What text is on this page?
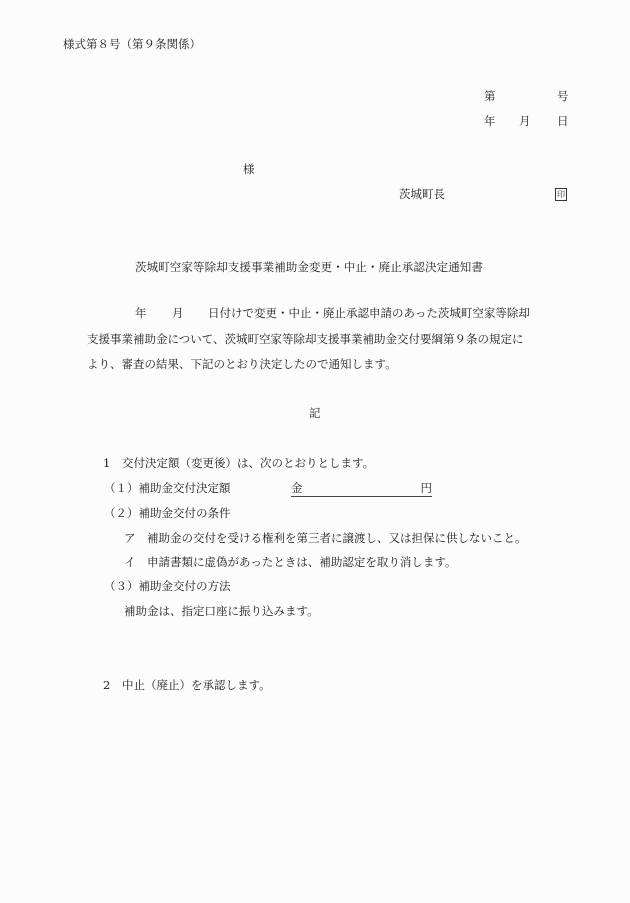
様式第８号（第９条関係）
第	号
年 月 日
様
茨城町長	印
茨城町空家等除却支援事業補助金変更・中止・廃止承認決定通知書
年 月 日付けで変更・中止・廃止承認申請のあった茨城町空家等除却
支援事業補助金について、茨城町空家等除却支援事業補助金交付要綱第９条の規定に
より、審査の結果、下記のとおり決定したので通知します。
記
1 交付決定額（変更後）は、次のとおりとします。
（１）補助金交付決定額	金	円
（２）補助金交付の条件
ア 補助金の交付を受ける権利を第三者に譲渡し、又は担保に供しないこと。
イ 申請書類に虚偽があったときは、補助認定を取り消します。
（３）補助金交付の方法
補助金は、指定口座に振り込みます。
2 中止（廃止）を承認します。
